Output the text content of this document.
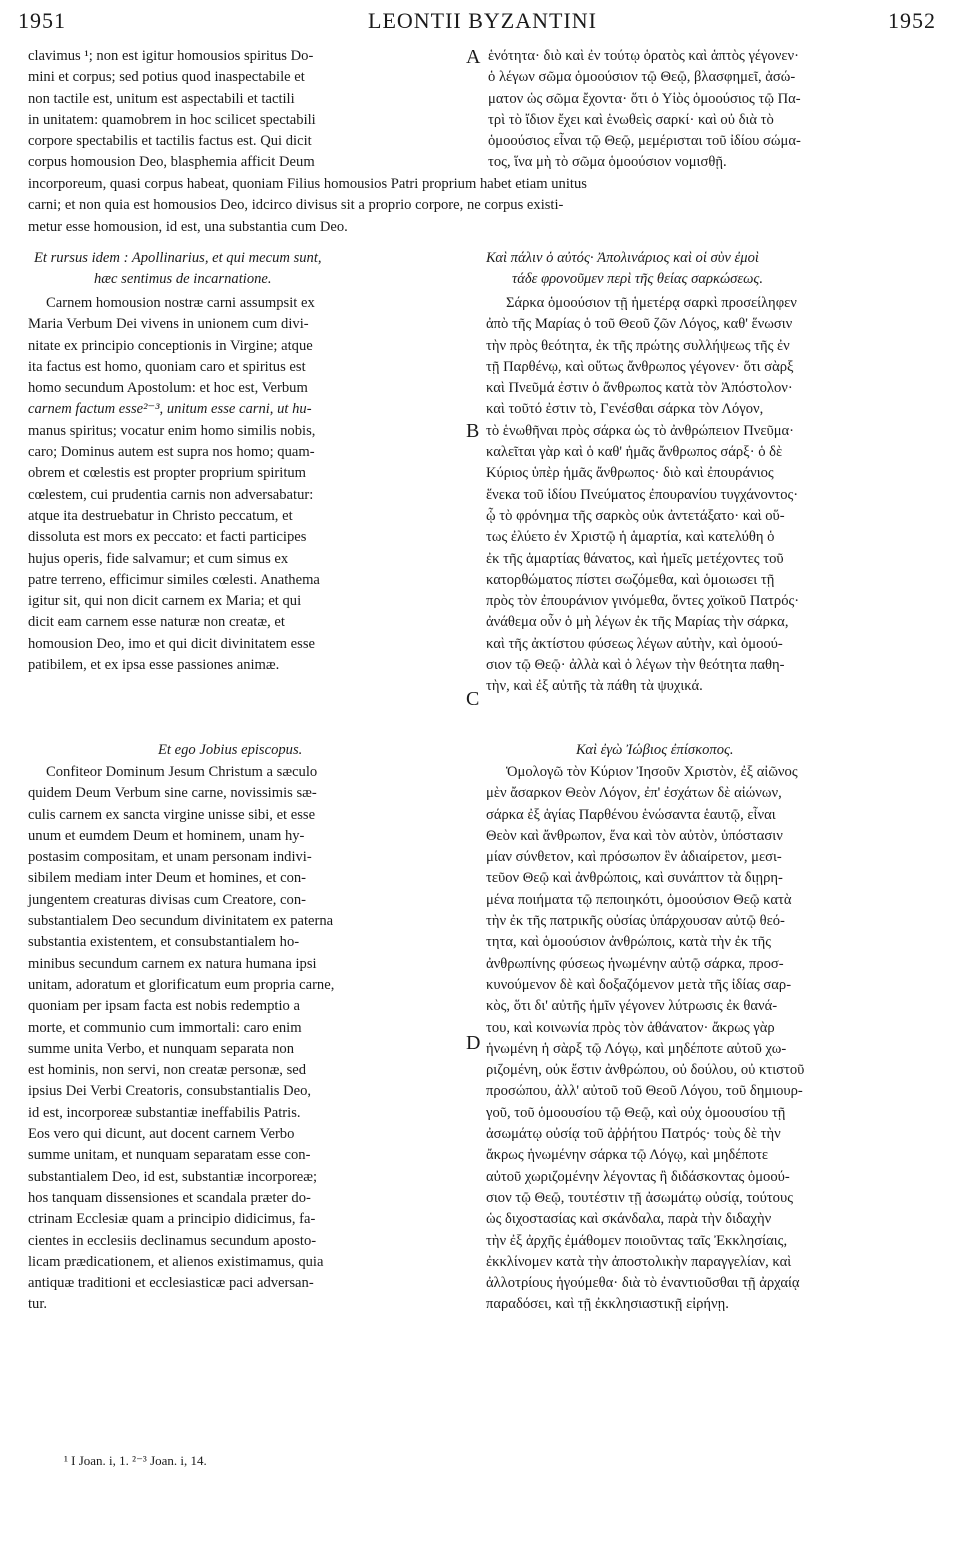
1951	LEONTII BYZANTINI	1952
clavimus ¹; non est igitur homousios spiritus Do-
mini et corpus; sed potius quod inaspectabile et
non tactile est, unitum est aspectabili et tactili
in unitatem: quamobrem in hoc scilicet spectabili
corpore spectabilis et tactilis factus est. Qui dicit
corpus homousion Deo, blasphemia afficit Deum
A ἑνότητα· διὸ καὶ ἐν τούτῳ ὁρατὸς καὶ ἁπτὸς γέγονεν·
ὁ λέγων σῶμα ὁμοούσιον τῷ Θεῷ, βλασφημεῖ, ἀσώ-
ματον ὡς σῶμα ἔχοντα· ὅτι ὁ Υἱὸς ὁμοούσιος τῷ Πα-
τρὶ τὸ ἴδιον ἔχει καὶ ἑνωθεὶς σαρκί· καὶ οὐ διὰ τὸ
ὁμοούσιος εἶναι τῷ Θεῷ, μεμέρισται τοῦ ἰδίου σώμα-
τος, ἵνα μὴ τὸ σῶμα ὁμοούσιον νομισθῇ.
incorporeum, quasi corpus habeat, quoniam Filius homousios Patri proprium habet etiam unitus
carni; et non quia est homousios Deo, idcirco divisus sit a proprio corpore, ne corpus existi-
metur esse homousion, id est, una substantia cum Deo.
Et rursus idem : Apollinarius, et qui mecum sunt,
hæc sentimus de incarnatione.
Καὶ πάλιν ὁ αὐτός· Ἀπολινάριος καὶ οἱ σὺν ἐμοὶ
τάδε φρονοῦμεν περὶ τῆς θείας σαρκώσεως.
Carnem homousion nostræ carni assumpsit ex
Maria Verbum Dei vivens in unionem cum divi-
nitate ex principio conceptionis in Virgine; atque
ita factus est homo, quoniam caro et spiritus est
homo secundum Apostolum: et hoc est, Verbum
carnem factum esse²⁻³, unitum esse carni, ut hu-
manus spiritus; vocatur enim homo similis nobis,
caro; Dominus autem est supra nos homo; quam-
obrem et cœlestis est propter proprium spiritum
cœlestem, cui prudentia carnis non adversabatur:
atque ita destruebatur in Christo peccatum, et
dissoluta est mors ex peccato: et facti participes
hujus operis, fide salvamur; et cum simus ex
patre terreno, efficimur similes cœlesti. Anathema
igitur sit, qui non dicit carnem ex Maria; et qui
dicit eam carnem esse naturæ non creatæ, et
homousion Deo, imo et qui dicit divinitatem esse
patibilem, et ex ipsa esse passiones animæ.
B
Σάρκα ὁμοούσιον τῇ ἡμετέρᾳ σαρκὶ προσείληφεν
ἀπὸ τῆς Μαρίας ὁ τοῦ Θεοῦ ζῶν Λόγος, καθ' ἕνωσιν
τὴν πρὸς θεότητα, ἐκ τῆς πρώτης συλλήψεως τῆς ἐν
τῇ Παρθένῳ, καὶ οὕτως ἄνθρωπος γέγονεν· ὅτι σὰρξ
καὶ Πνεῦμά ἐστιν ὁ ἄνθρωπος κατὰ τὸν Ἀπόστολον·
καὶ τοῦτό ἐστιν τὸ, Γενέσθαι σάρκα τὸν Λόγον,
τὸ ἑνωθῆναι πρὸς σάρκα ὡς τὸ ἀνθρώπειον Πνεῦμα·
καλεῖται γὰρ καὶ ὁ καθ' ἡμᾶς ἄνθρωπος σάρξ· ὁ δὲ
Κύριος ὑπὲρ ἡμᾶς ἄνθρωπος· διὸ καὶ ἐπουράνιος
ἕνεκα τοῦ ἰδίου Πνεύματος ἐπουρανίου τυγχάνοντος·
ᾧ τὸ φρόνημα τῆς σαρκὸς οὐκ ἀντετάξατο· καὶ οὕ-
τως ἐλύετο ἐν Χριστῷ ἡ ἁμαρτία, καὶ κατελύθη ὁ
ἐκ τῆς ἁμαρτίας θάνατος, καὶ ἡμεῖς μετέχοντες τοῦ
κατορθώματος πίστει σωζόμεθα, καὶ ὁμοιωσει τῇ
πρὸς τὸν ἐπουράνιον γινόμεθα, ὄντες χοϊκοῦ Πατρός·
ἀνάθεμα οὖν ὁ μὴ λέγων ἐκ τῆς Μαρίας τὴν σάρκα,
καὶ τῆς ἀκτίστου φύσεως λέγων αὐτὴν, καὶ ὁμοού-
σιον τῷ Θεῷ· ἀλλὰ καὶ ὁ λέγων τὴν θεότητα παθη-
τὴν, καὶ ἐξ αὐτῆς τὰ πάθη τὰ ψυχικά.
C
Et ego Jobius episcopus.	Καὶ ἐγὼ Ἰώβιος ἐπίσκοπος.
Confiteor Dominum Jesum Christum a sæculo
quidem Deum Verbum sine carne, novissimis sæ-
culis carnem ex sancta virgine unisse sibi, et esse
unum et eumdem Deum et hominem, unam hy-
postasim compositam, et unam personam indivi-
sibilem mediam inter Deum et homines, et con-
jungentem creaturas divisas cum Creatore, con-
substantialem Deo secundum divinitatem ex paterna
substantia existentem, et consubstantialem ho-
minibus secundum carnem ex natura humana ipsi
unitam, adoratum et glorificatum eum propria carne,
quoniam per ipsam facta est nobis redemptio a
morte, et communio cum immortali: caro enim
summe unita Verbo, et nunquam separata non
est hominis, non servi, non creatæ personæ, sed
ipsius Dei Verbi Creatoris, consubstantialis Deo,
id est, incorporeæ substantiæ ineffabilis Patris.
Eos vero qui dicunt, aut docent carnem Verbo
summe unitam, et nunquam separatam esse con-
substantialem Deo, id est, substantiæ incorporeæ;
hos tanquam dissensiones et scandala præter do-
ctrinam Ecclesiæ quam a principio didicimus, fa-
cientes in ecclesiis declinamus secundum aposto-
licam prædicationem, et alienos existimamus, quia
antiquæ traditioni et ecclesiasticæ paci adversan-
tur.
D
Ὁμολογῶ τὸν Κύριον Ἰησοῦν Χριστὸν, ἐξ αἰῶνος
μὲν ἄσαρκον Θεὸν Λόγον, ἐπ' ἐσχάτων δὲ αἰώνων,
σάρκα ἐξ ἁγίας Παρθένου ἑνώσαντα ἑαυτῷ, εἶναι
Θεὸν καὶ ἄνθρωπον, ἕνα καὶ τὸν αὐτὸν, ὑπόστασιν
μίαν σύνθετον, καὶ πρόσωπον ἓν ἀδιαίρετον, μεσι-
τεῦον Θεῷ καὶ ἀνθρώποις, καὶ συνάπτον τὰ διῃρη-
μένα ποιήματα τῷ πεποιηκότι, ὁμοούσιον Θεῷ κατὰ
τὴν ἐκ τῆς πατρικῆς οὐσίας ὑπάρχουσαν αὐτῷ θεό-
τητα, καὶ ὁμοούσιον ἀνθρώποις, κατὰ τὴν ἐκ τῆς
ἀνθρωπίνης φύσεως ἡνωμένην αὐτῷ σάρκα, προσ-
κυνούμενον δὲ καὶ δοξαζόμενον μετὰ τῆς ἰδίας σαρ-
κὸς, ὅτι δι' αὐτῆς ἡμῖν γέγονεν λύτρωσις ἐκ θανά-
του, καὶ κοινωνία πρὸς τὸν ἀθάνατον· ἄκρως γὰρ
ἡνωμένη ἡ σὰρξ τῷ Λόγῳ, καὶ μηδέποτε αὐτοῦ χω-
ριζομένη, οὐκ ἔστιν ἀνθρώπου, οὐ δούλου, οὐ κτιστοῦ
προσώπου, ἀλλ' αὐτοῦ τοῦ Θεοῦ Λόγου, τοῦ δημιουρ-
γοῦ, τοῦ ὁμοουσίου τῷ Θεῷ, καὶ οὐχ ὁμοουσίου τῇ
ἀσωμάτῳ οὐσίᾳ τοῦ ἀῤῥήτου Πατρός· τοὺς δὲ τὴν
ἄκρως ἡνωμένην σάρκα τῷ Λόγῳ, καὶ μηδέποτε
αὐτοῦ χωριζομένην λέγοντας ἢ διδάσκοντας ὁμοού-
σιον τῷ Θεῷ, τουτέστιν τῇ ἀσωμάτῳ οὐσίᾳ, τούτους
ὡς διχοστασίας καὶ σκάνδαλα, παρὰ τὴν διδαχὴν
τὴν ἐξ ἀρχῆς ἐμάθομεν ποιοῦντας ταῖς Ἐκκλησίαις,
ἐκκλίνομεν κατὰ τὴν ἀποστολικὴν παραγγελίαν, καὶ
ἀλλοτρίους ἡγούμεθα· διὰ τὸ ἐναντιοῦσθαι τῇ ἀρχαίᾳ
παραδόσει, καὶ τῇ ἐκκλησιαστικῇ εἰρήνῃ.
¹ I Joan. i, 1. ²⁻³ Joan. i, 14.
